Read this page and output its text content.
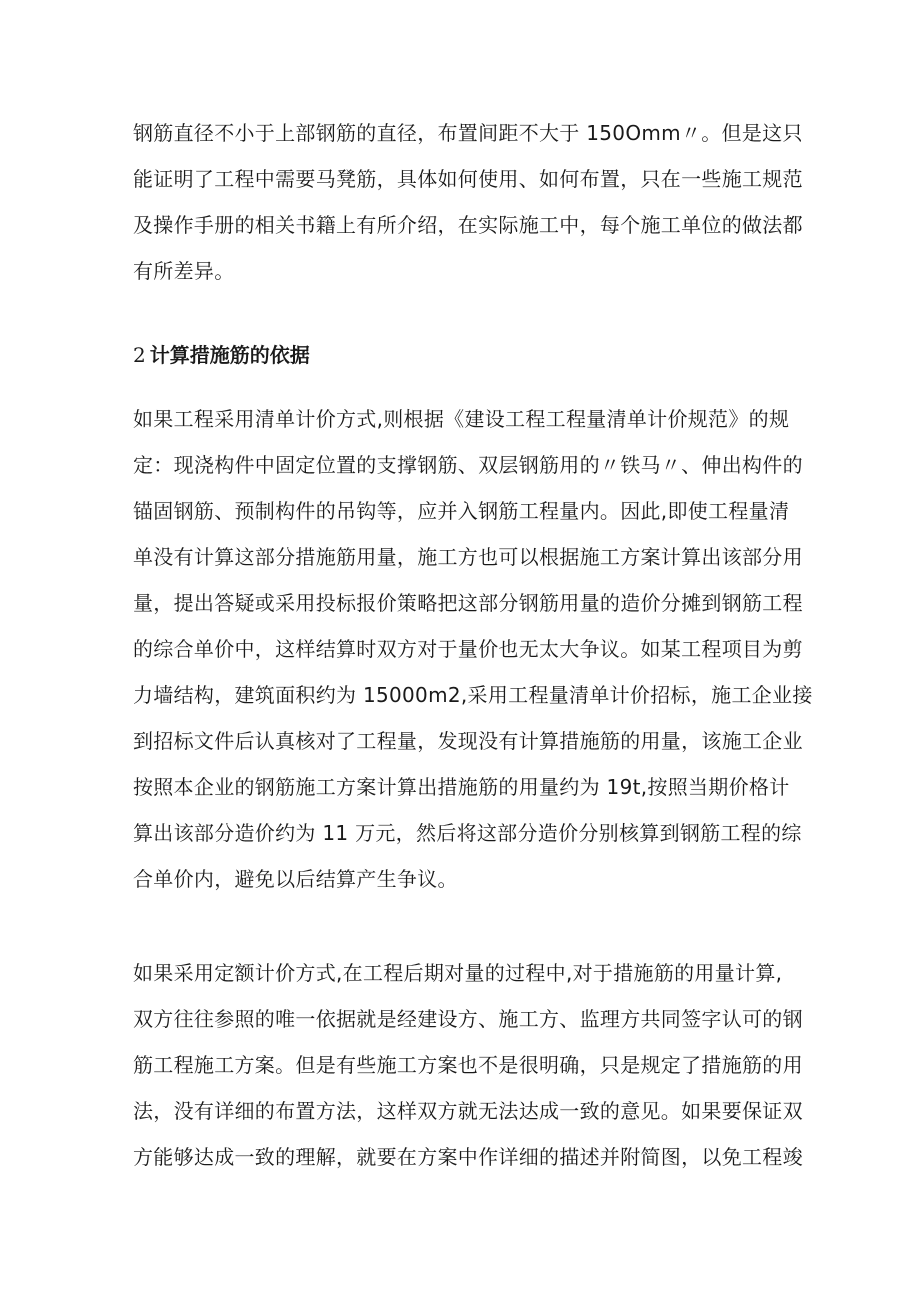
钢筋直径不小于上部钢筋的直径，布置间距不大于 150Omm〃。但是这只
能证明了工程中需要马凳筋，具体如何使用、如何布置，只在一些施工规范
及操作手册的相关书籍上有所介绍，在实际施工中，每个施工单位的做法都
有所差异。
2 计算措施筋的依据
如果工程采用清单计价方式,则根据《建设工程工程量清单计价规范》的规
定：现浇构件中固定位置的支撑钢筋、双层钢筋用的〃铁马〃、伸出构件的
锚固钢筋、预制构件的吊钩等，应并入钢筋工程量内。因此,即使工程量清
单没有计算这部分措施筋用量，施工方也可以根据施工方案计算出该部分用
量，提出答疑或采用投标报价策略把这部分钢筋用量的造价分摊到钢筋工程
的综合单价中，这样结算时双方对于量价也无太大争议。如某工程项目为剪
力墙结构，建筑面积约为 15000m2,采用工程量清单计价招标，施工企业接
到招标文件后认真核对了工程量，发现没有计算措施筋的用量，该施工企业
按照本企业的钢筋施工方案计算出措施筋的用量约为 19t,按照当期价格计
算出该部分造价约为 11 万元，然后将这部分造价分别核算到钢筋工程的综
合单价内，避免以后结算产生争议。
如果采用定额计价方式,在工程后期对量的过程中,对于措施筋的用量计算,
双方往往参照的唯一依据就是经建设方、施工方、监理方共同签字认可的钢
筋工程施工方案。但是有些施工方案也不是很明确，只是规定了措施筋的用
法，没有详细的布置方法，这样双方就无法达成一致的意见。如果要保证双
方能够达成一致的理解，就要在方案中作详细的描述并附简图，以免工程竣
